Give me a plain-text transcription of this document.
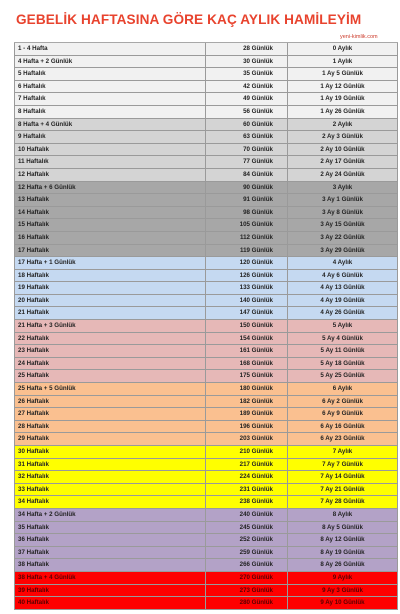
GEBELİK HAFTASINA GÖRE KAÇ AYLIK HAMİLEYİM
yeni-kimlik.com
1 - 4 Hafta	28 Günlük	0 Aylık
4 Hafta + 2 Günlük	30 Günlük	1 Aylık
5 Haftalık	35 Günlük	1 Ay 5 Günlük
6 Haftalık	42 Günlük	1 Ay 12 Günlük
7 Haftalık	49 Günlük	1 Ay 19 Günlük
8 Haftalık	56 Günlük	1 Ay 26 Günlük
8 Hafta + 4 Günlük	60 Günlük	2 Aylık
9 Haftalık	63 Günlük	2 Ay 3 Günlük
10 Haftalık	70 Günlük	2 Ay 10 Günlük
11 Haftalık	77 Günlük	2 Ay 17 Günlük
12 Haftalık	84 Günlük	2 Ay 24 Günlük
12 Hafta + 6 Günlük	90 Günlük	3 Aylık
13 Haftalık	91 Günlük	3 Ay 1 Günlük
14 Haftalık	98 Günlük	3 Ay 8 Günlük
15 Haftalık	105 Günlük	3 Ay 15 Günlük
16 Haftalık	112 Günlük	3 Ay 22 Günlük
17 Haftalık	119 Günlük	3 Ay 29 Günlük
17 Hafta + 1 Günlük	120 Günlük	4 Aylık
18 Haftalık	126 Günlük	4 Ay 6 Günlük
19 Haftalık	133 Günlük	4 Ay 13 Günlük
20 Haftalık	140 Günlük	4 Ay 19 Günlük
21 Haftalık	147 Günlük	4 Ay 26 Günlük
21 Hafta + 3 Günlük	150 Günlük	5 Aylık
22 Haftalık	154 Günlük	5 Ay 4 Günlük
23 Haftalık	161 Günlük	5 Ay 11 Günlük
24 Haftalık	168 Günlük	5 Ay 18 Günlük
25 Haftalık	175 Günlük	5 Ay 25 Günlük
25 Hafta + 5 Günlük	180 Günlük	6 Aylık
26 Haftalık	182 Günlük	6 Ay 2 Günlük
27 Haftalık	189 Günlük	6 Ay 9 Günlük
28 Haftalık	196 Günlük	6 Ay 16 Günlük
29 Haftalık	203 Günlük	6 Ay 23 Günlük
30 Haftalık	210 Günlük	7 Aylık
31 Haftalık	217 Günlük	7 Ay 7 Günlük
32 Haftalık	224 Günlük	7 Ay 14 Günlük
33 Haftalık	231 Günlük	7 Ay 21 Günlük
34 Haftalık	238 Günlük	7 Ay 28 Günlük
34 Hafta + 2 Günlük	240 Günlük	8 Aylık
35 Haftalık	245 Günlük	8 Ay 5 Günlük
36 Haftalık	252 Günlük	8 Ay 12 Günlük
37 Haftalık	259 Günlük	8 Ay 19 Günlük
38 Haftalık	266 Günlük	8 Ay 26 Günlük
38 Hafta + 4 Günlük	270 Günlük	9 Aylık
39 Haftalık	273 Günlük	9 Ay 3 Günlük
40 Haftalık	280 Günlük	9 Ay 10 Günlük
